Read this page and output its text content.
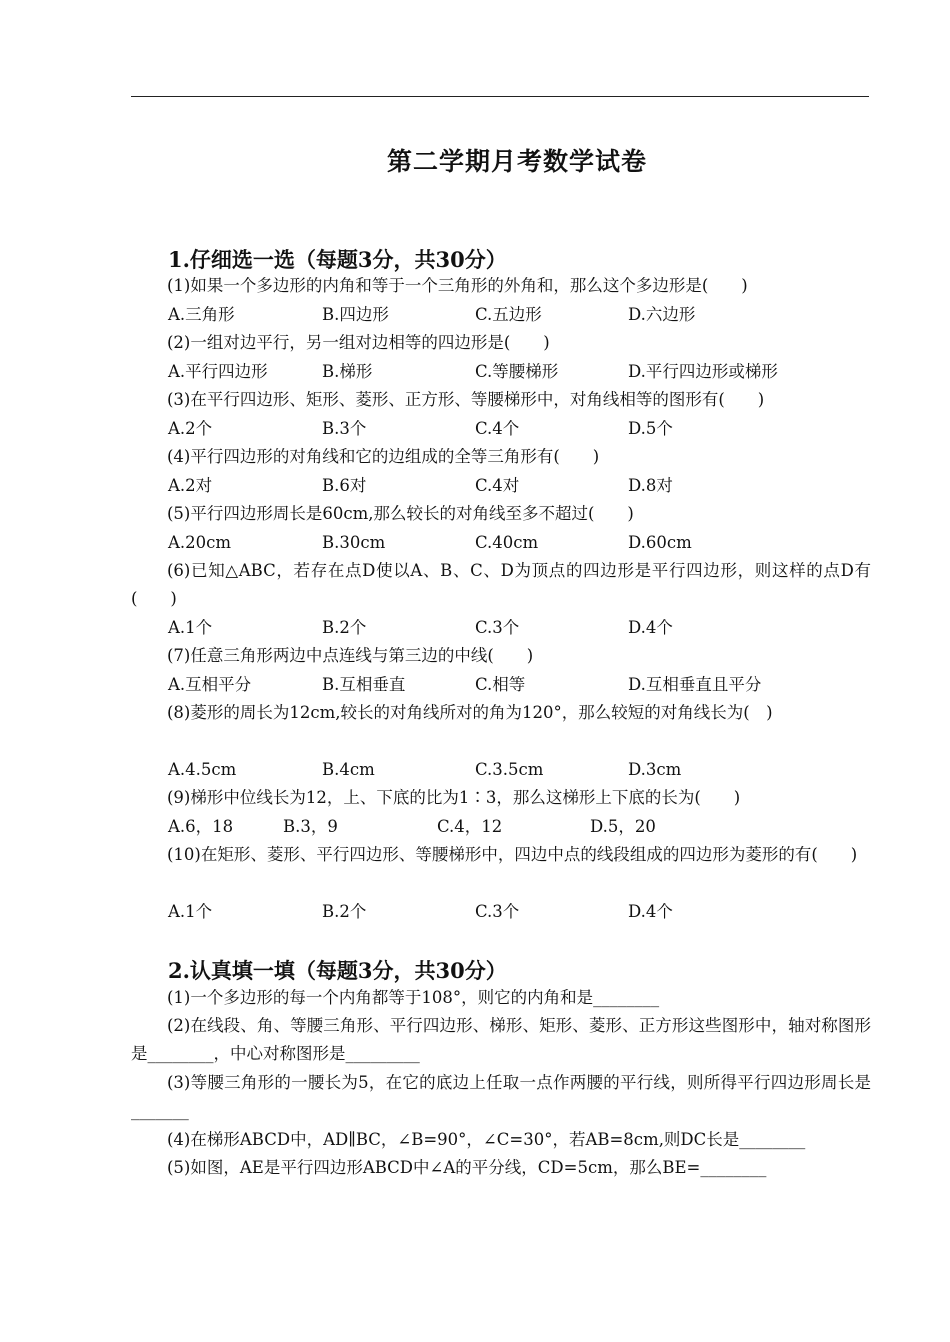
第二学期月考数学试卷
1.仔细选一选（每题3分，共30分）
(1)如果一个多边形的内角和等于一个三角形的外角和，那么这个多边形是(　　)
A.三角形	B.四边形	C.五边形	D.六边形
(2)一组对边平行，另一组对边相等的四边形是(　　)
A.平行四边形	B.梯形	C.等腰梯形	D.平行四边形或梯形
(3)在平行四边形、矩形、菱形、正方形、等腰梯形中，对角线相等的图形有(　　)
A.2个	B.3个	C.4个	D.5个
(4)平行四边形的对角线和它的边组成的全等三角形有(　　)
A.2对	B.6对	C.4对	D.8对
(5)平行四边形周长是60cm,那么较长的对角线至多不超过(　　)
A.20cm	B.30cm	C.40cm	D.60cm
(6)已知△ABC，若存在点D使以A、B、C、D为顶点的四边形是平行四边形，则这样的点D有(　　)
A.1个	B.2个	C.3个	D.4个
(7)任意三角形两边中点连线与第三边的中线(　　)
A.互相平分	B.互相垂直	C.相等	D.互相垂直且平分
(8)菱形的周长为12cm,较长的对角线所对的角为120°，那么较短的对角线长为(　)
A.4.5cm	B.4cm	C.3.5cm	D.3cm
(9)梯形中位线长为12，上、下底的比为1∶3，那么这梯形上下底的长为(　　)
A.6，18	B.3，9	C.4，12	D.5，20
(10)在矩形、菱形、平行四边形、等腰梯形中，四边中点的线段组成的四边形为菱形的有(　　)
A.1个	B.2个	C.3个	D.4个
2.认真填一填（每题3分，共30分）
(1)一个多边形的每一个内角都等于108°，则它的内角和是________
(2)在线段、角、等腰三角形、平行四边形、梯形、矩形、菱形、正方形这些图形中，轴对称图形是________，中心对称图形是_________
(3)等腰三角形的一腰长为5，在它的底边上任取一点作两腰的平行线，则所得平行四边形周长是_______
(4)在梯形ABCD中，AD∥BC，∠B=90°，∠C=30°，若AB=8cm,则DC长是________
(5)如图，AE是平行四边形ABCD中∠A的平分线，CD=5cm，那么BE=________
